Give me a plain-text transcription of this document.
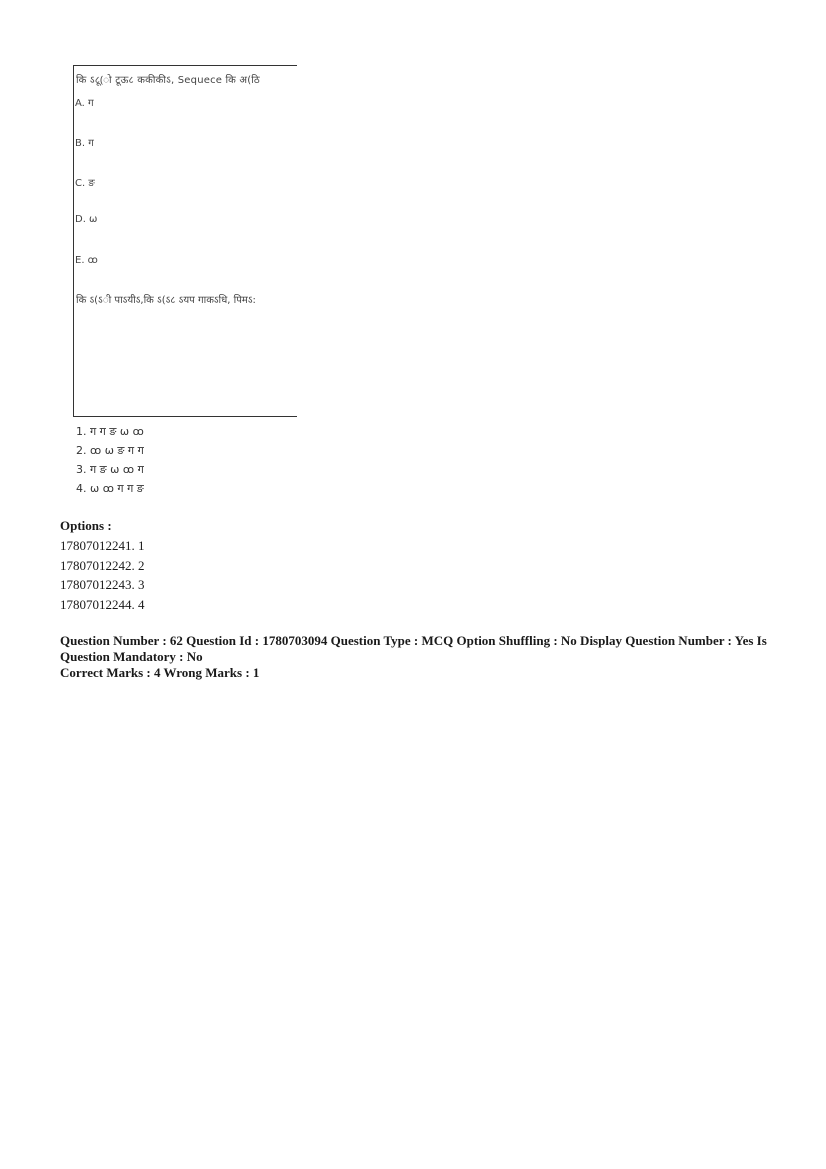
कि ऽ८ू(ो टूऊ८ ककीकीऽ, Sequece कि अ(ठि
A. ग
B. ग
C. ङ
D. ω
E. ꝏ
कि ऽ(ऽी पाऽयीऽ,कि ऽ(ऽ८ ऽयप गाकऽधि, पिमऽ:
1. ग ग ङ ω ꝏ
2. ꝏ ω ङ ग ग
3. ग ङ ω ꝏ ग
4. ω ꝏ ग ग ङ
Options :
17807012241. 1
17807012242. 2
17807012243. 3
17807012244. 4
Question Number : 62 Question Id : 1780703094 Question Type : MCQ Option Shuffling : No Display Question Number : Yes Is
Question Mandatory : No
Correct Marks : 4 Wrong Marks : 1
